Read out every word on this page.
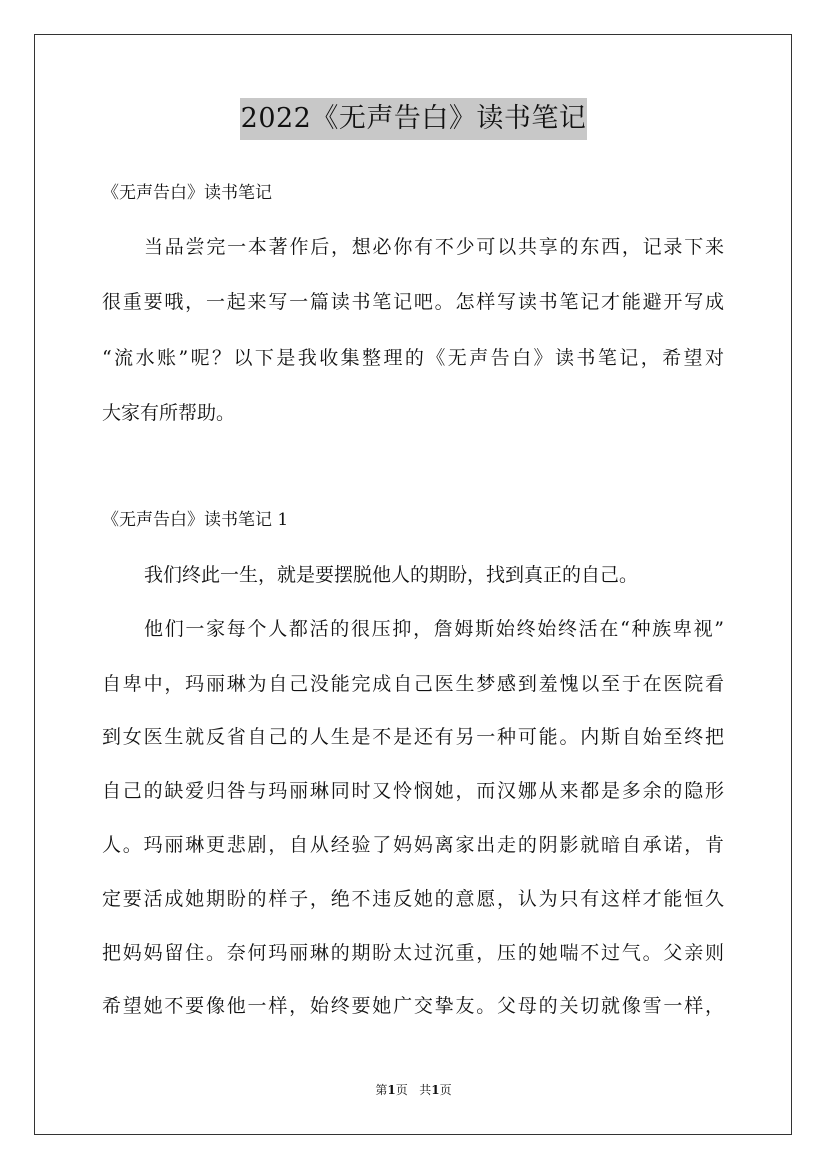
2022《无声告白》读书笔记
《无声告白》读书笔记
当品尝完一本著作后，想必你有不少可以共享的东西，记录下来
很重要哦，一起来写一篇读书笔记吧。怎样写读书笔记才能避开写成
“流水账”呢？以下是我收集整理的《无声告白》读书笔记，希望对
大家有所帮助。
《无声告白》读书笔记 1
我们终此一生，就是要摆脱他人的期盼，找到真正的自己。
他们一家每个人都活的很压抑，詹姆斯始终始终活在“种族卑视”
自卑中，玛丽琳为自己没能完成自己医生梦感到羞愧以至于在医院看
到女医生就反省自己的人生是不是还有另一种可能。内斯自始至终把
自己的缺爱归咎与玛丽琳同时又怜悯她，而汉娜从来都是多余的隐形
人。玛丽琳更悲剧，自从经验了妈妈离家出走的阴影就暗自承诺，肯
定要活成她期盼的样子，绝不违反她的意愿，认为只有这样才能恒久
把妈妈留住。奈何玛丽琳的期盼太过沉重，压的她喘不过气。父亲则
希望她不要像他一样，始终要她广交挚友。父母的关切就像雪一样，
第1页 共1页
